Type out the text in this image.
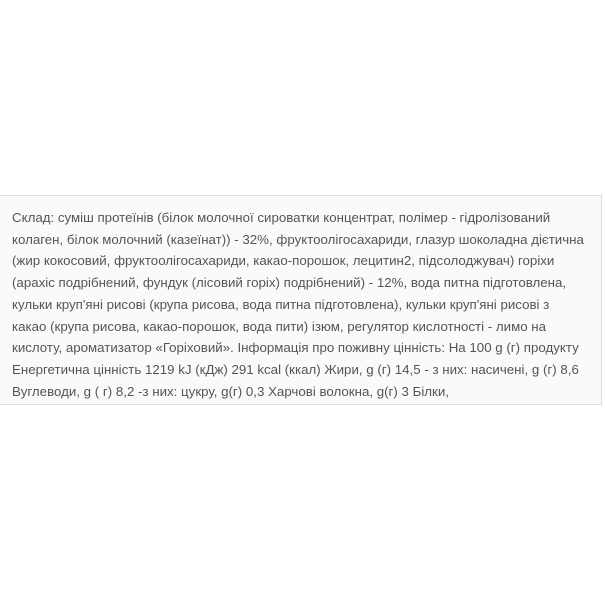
Склад: суміш протеїнів (білок молочної сироватки концентрат, полімер - гідролізований
колаген, білок молочний (казеїнат)) - 32%, фруктоолігосахариди, глазур шоколадна дієтична
(жир кокосовий, фруктоолігосахариди, какао-порошок, лецитин2, підсолоджувач) горіхи
(арахіс подрібнений, фундук (лісовий горіх) подрібнений) - 12%, вода питна підготовлена,
кульки круп'яні рисові (крупа рисова, вода питна підготовлена), кульки круп'яні рисові з
какао (крупа рисова, какао-порошок, вода пити) ізюм, регулятор кислотності - лимо на
кислоту, ароматизатор «Горіховий». Інформація про поживну цінність: На 100 g (г) продукту
Енергетична цінність 1219 kJ (кДж) 291 kcal (ккал) Жири, g (г) 14,5 - з них: насичені, g (г) 8,6
Вуглеводи, g ( г) 8,2 -з них: цукру, g(г) 0,3 Харчові волокна, g(г) 3 Білки,
